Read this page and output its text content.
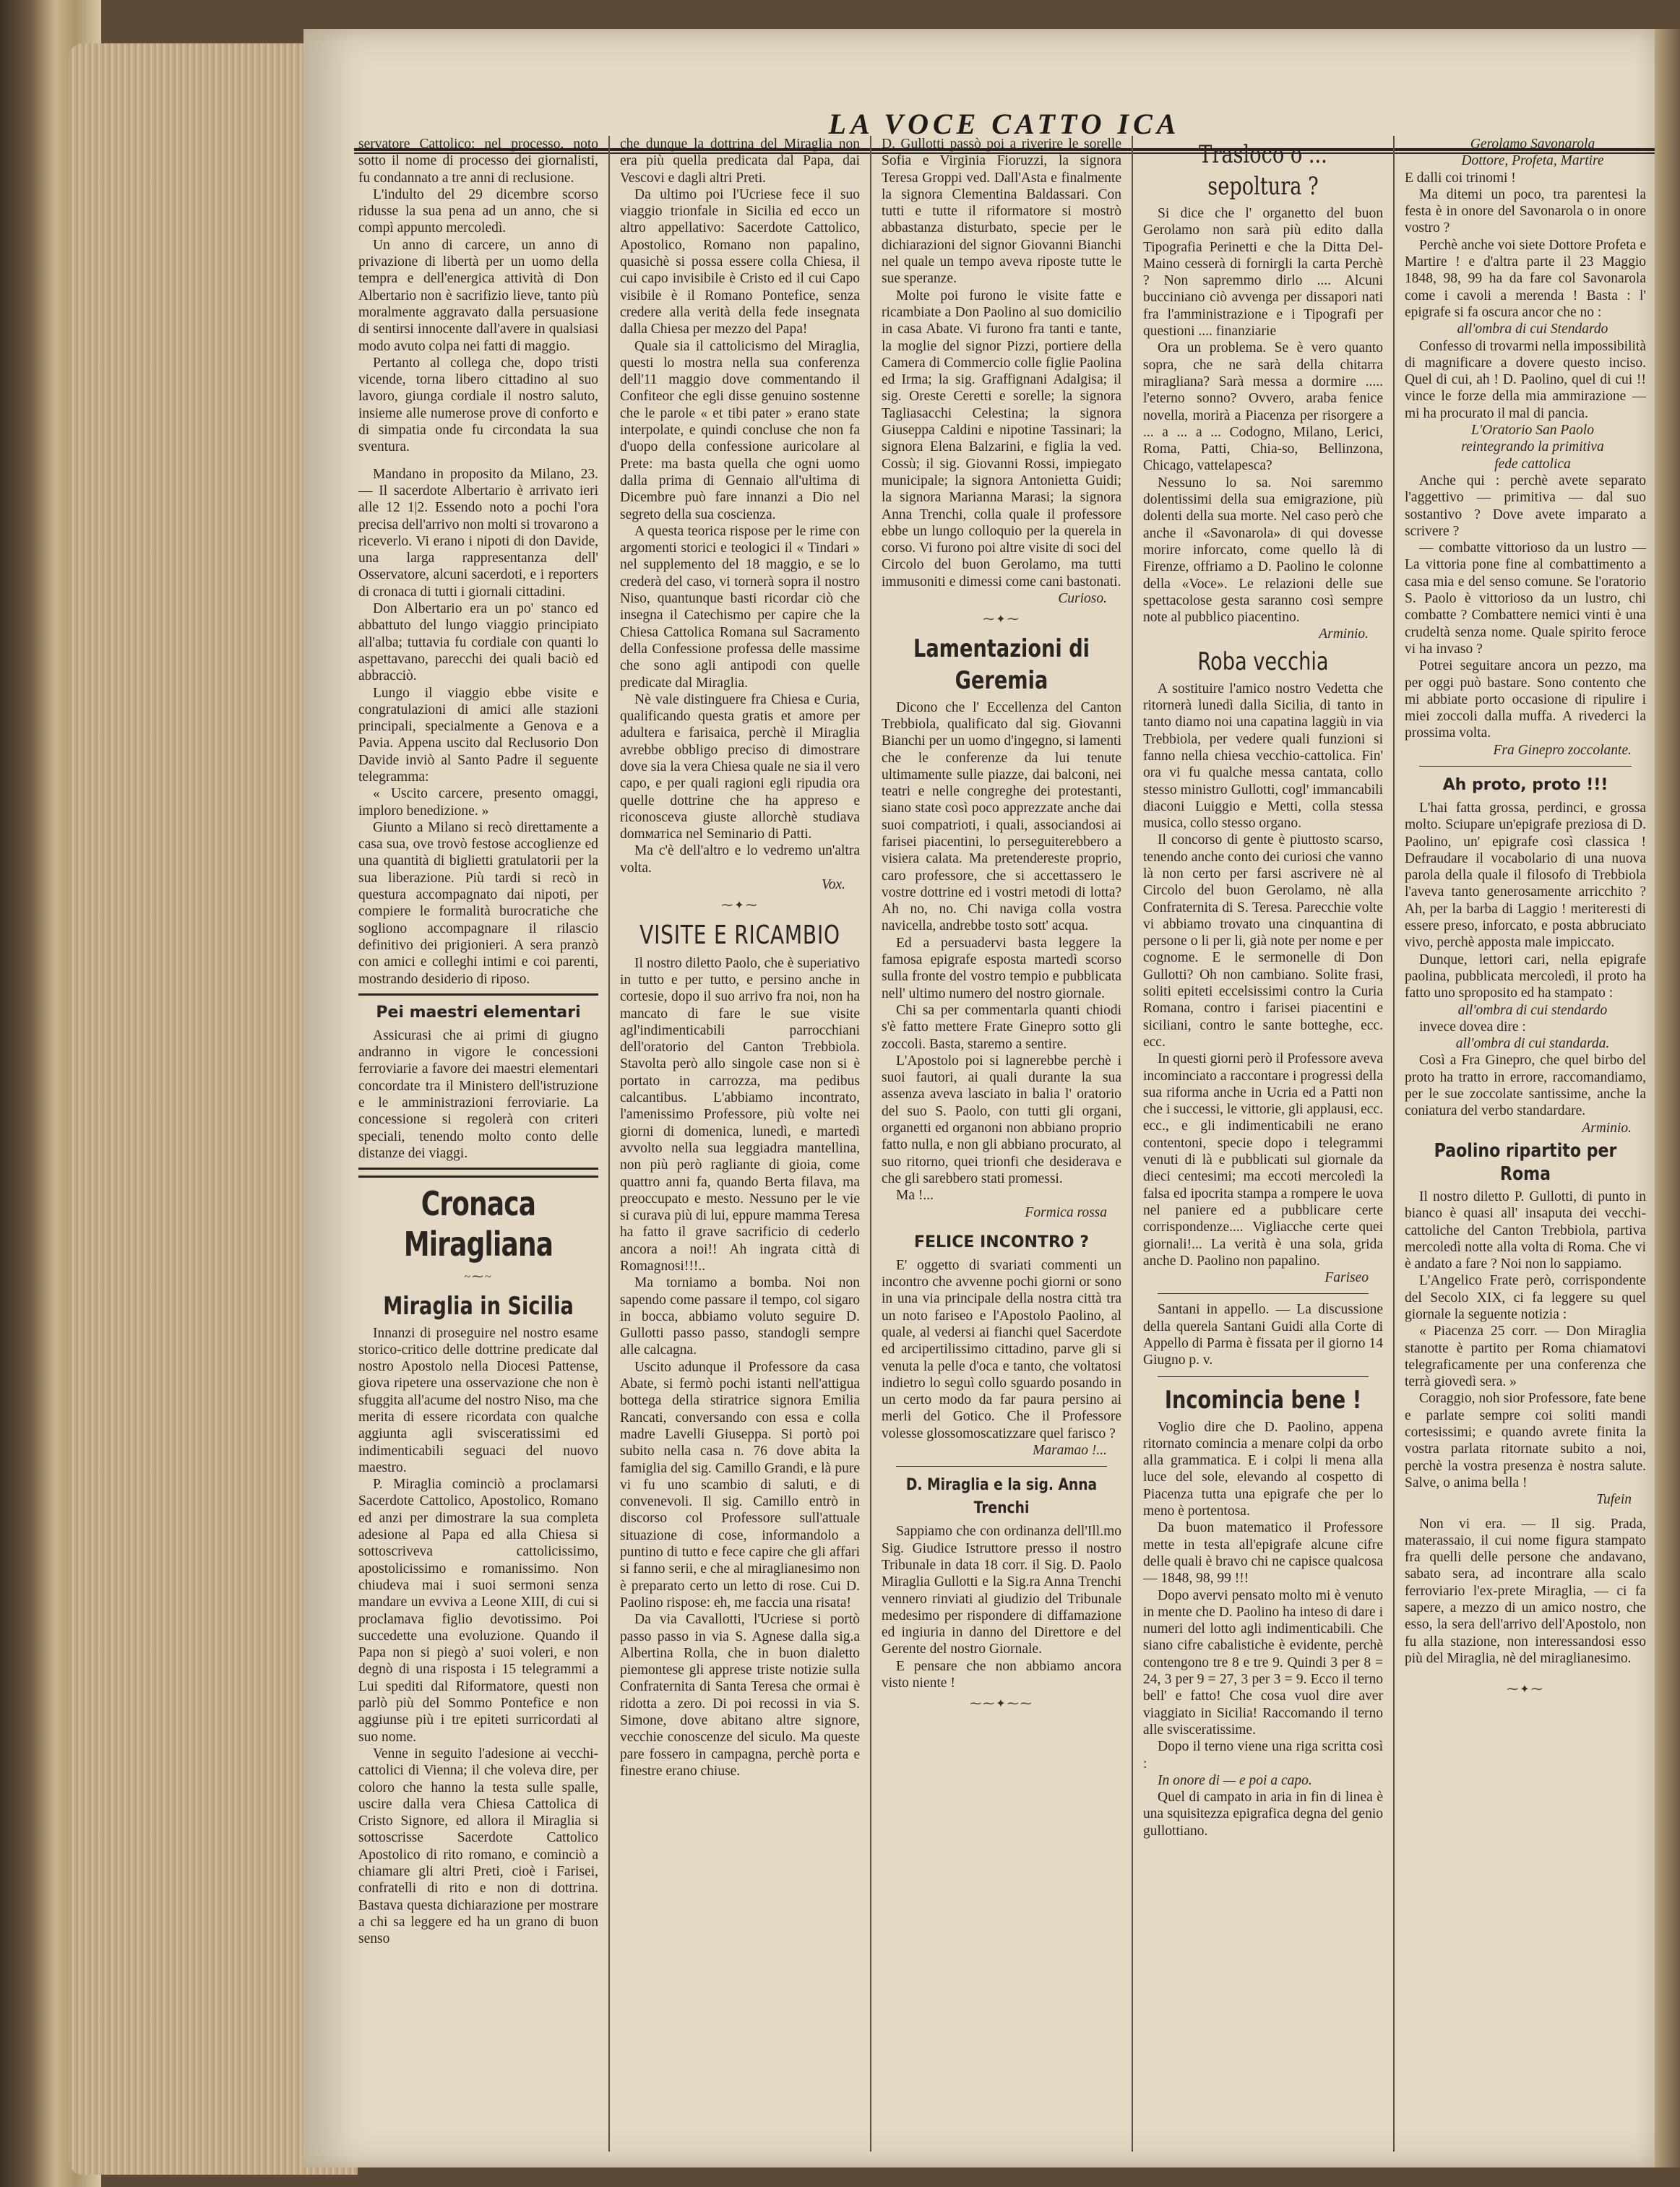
LA VOCE CATTO ICA

servatore Cattolico: nel processo, noto sotto il nome di processo dei giornalisti, fu condannato a tre anni di reclusione.

L'indulto del 29 dicembre scorso ridusse la sua pena ad un anno, che si compì appunto mercoledì.

Un anno di carcere, un anno di privazione di libertà per un uomo della tempra e dell'energica attività di Don Albertario non è sacrifizio lieve, tanto più moralmente aggravato dalla persuasione di sentirsi innocente dall'avere in qualsiasi modo avuto colpa nei fatti di maggio.

Pertanto al collega che, dopo tristi vicende, torna libero cittadino al suo lavoro, giunga cordiale il nostro saluto, insieme alle numerose prove di conforto e di simpatia onde fu circondata la sua sventura.

Mandano in proposito da Milano, 23. — Il sacerdote Albertario è arrivato ieri alle 12 1|2. Essendo noto a pochi l'ora precisa dell'arrivo non molti si trovarono a riceverlo. Vi erano i nipoti di don Davide, una larga rappresentanza dell' Osservatore, alcuni sacerdoti, e i reporters di cronaca di tutti i giornali cittadini.

Don Albertario era un po' stanco ed abbattuto del lungo viaggio principiato all'alba; tuttavia fu cordiale con quanti lo aspettavano, parecchi dei quali baciò ed abbracciò.

Lungo il viaggio ebbe visite e congratulazioni di amici alle stazioni principali, specialmente a Genova e a Pavia. Appena uscito dal Reclusorio Don Davide inviò al Santo Padre il seguente telegramma:

« Uscito carcere, presento omaggi, imploro benedizione. »

Giunto a Milano si recò direttamente a casa sua, ove trovò festose accoglienze ed una quantità di biglietti gratulatorii per la sua liberazione. Più tardi si recò in questura accompagnato dai nipoti, per compiere le formalità burocratiche che sogliono accompagnare il rilascio definitivo dei prigionieri. A sera pranzò con amici e colleghi intimi e coi parenti, mostrando desiderio di riposo.

Pei maestri elementari

Assicurasi che ai primi di giugno andranno in vigore le concessioni ferroviarie a favore dei maestri elementari concordate tra il Ministero dell'istruzione e le amministrazioni ferroviarie. La concessione si regolerà con criteri speciali, tenendo molto conto delle distanze dei viaggi.

Cronaca Miragliana
~⁓~
Miraglia in Sicilia

Innanzi di proseguire nel nostro esame storico-critico delle dottrine predicate dal nostro Apostolo nella Diocesi Pattense, giova ripetere una osservazione che non è sfuggita all'acume del nostro Niso, ma che merita di essere ricordata con qualche aggiunta agli svisceratissimi ed indimenticabili seguaci del nuovo maestro.

P. Miraglia cominciò a proclamarsi Sacerdote Cattolico, Apostolico, Romano ed anzi per dimostrare la sua completa adesione al Papa ed alla Chiesa si sottoscriveva cattolicissimo, apostolicissimo e romanissimo. Non chiudeva mai i suoi sermoni senza mandare un evviva a Leone XIII, di cui si proclamava figlio devotissimo. Poi succedette una evoluzione. Quando il Papa non si piegò a' suoi voleri, e non degnò di una risposta i 15 telegrammi a Lui spediti dal Riformatore, questi non parlò più del Sommo Pontefice e non aggiunse più i tre epiteti surricordati al suo nome.

Venne in seguito l'adesione ai vecchi-cattolici di Vienna; il che voleva dire, per coloro che hanno la testa sulle spalle, uscire dalla vera Chiesa Cattolica di Cristo Signore, ed allora il Miraglia si sottoscrisse Sacerdote Cattolico Apostolico di rito romano, e cominciò a chiamare gli altri Preti, cioè i Farisei, confratelli di rito e non di dottrina. Bastava questa dichiarazione per mostrare a chi sa leggere ed ha un grano di buon senso

che dunque la dottrina del Miraglia non era più quella predicata dal Papa, dai Vescovi e dagli altri Preti.

Da ultimo poi l'Ucriese fece il suo viaggio trionfale in Sicilia ed ecco un altro appellativo: Sacerdote Cattolico, Apostolico, Romano non papalino, quasichè si possa essere colla Chiesa, il cui capo invisibile è Cristo ed il cui Capo visibile è il Romano Pontefice, senza credere alla verità della fede insegnata dalla Chiesa per mezzo del Papa!

Quale sia il cattolicismo del Miraglia, questi lo mostra nella sua conferenza dell'11 maggio dove commentando il Confiteor che egli disse genuino sostenne che le parole « et tibi pater » erano state interpolate, e quindi concluse che non fa d'uopo della confessione auricolare al Prete: ma basta quella che ogni uomo dalla prima di Gennaio all'ultima di Dicembre può fare innanzi a Dio nel segreto della sua coscienza.

A questa teorica rispose per le rime con argomenti storici e teologici il « Tindari » nel supplemento del 18 maggio, e se lo crederà del caso, vi tornerà sopra il nostro Niso, quantunque basti ricordar ciò che insegna il Catechismo per capire che la Chiesa Cattolica Romana sul Sacramento della Confessione professa delle massime che sono agli antipodi con quelle predicate dal Miraglia.

Nè vale distinguere fra Chiesa e Curia, qualificando questa gratis et amore per adultera e farisaica, perchè il Miraglia avrebbe obbligo preciso di dimostrare dove sia la vera Chiesa quale ne sia il vero capo, e per quali ragioni egli ripudia ora quelle dottrine che ha appreso e riconosceva giuste allorchè studiava domматica nel Seminario di Patti.

Ma c'è dell'altro e lo vedremo un'altra volta.

Vox.
⁓✦⁓
VISITE E RICAMBIO

Il nostro diletto Paolo, che è superiativo in tutto e per tutto, e persino anche in cortesie, dopo il suo arrivo fra noi, non ha mancato di fare le sue visite agl'indimenticabili parrocchiani dell'oratorio del Canton Trebbiola. Stavolta però allo singole case non si è portato in carrozza, ma pedibus calcantibus. L'abbiamo incontrato, l'amenissimo Professore, più volte nei giorni di domenica, lunedì, e martedì avvolto nella sua leggiadra mantellina, non più però ragliante di gioia, come quattro anni fa, quando Berta filava, ma preoccupato e mesto. Nessuno per le vie si curava più di lui, eppure mamma Teresa ha fatto il grave sacrificio di cederlo ancora a noi!! Ah ingrata città di Romagnosi!!!..

Ma torniamo a bomba. Noi non sapendo come passare il tempo, col sigaro in bocca, abbiamo voluto seguire D. Gullotti passo passo, standogli sempre alle calcagna.

Uscito adunque il Professore da casa Abate, si fermò pochi istanti nell'attigua bottega della stiratrice signora Emilia Rancati, conversando con essa e colla madre Lavelli Giuseppa. Si portò poi subito nella casa n. 76 dove abita la famiglia del sig. Camillo Grandi, e là pure vi fu uno scambio di saluti, e di convenevoli. Il sig. Camillo entrò in discorso col Professore sull'attuale situazione di cose, informandolo a puntino di tutto e fece capire che gli affari si fanno serii, e che al miraglianesimo non è preparato certo un letto di rose. Cui D. Paolino rispose: eh, me faccia una risata!

Da via Cavallotti, l'Ucriese si portò passo passo in via S. Agnese dalla sig.a Albertina Rolla, che in buon dialetto piemontese gli apprese triste notizie sulla Confraternita di Santa Teresa che ormai è ridotta a zero. Di poi recossi in via S. Simone, dove abitano altre signore, vecchie conoscenze del siculo. Ma queste pare fossero in campagna, perchè porta e finestre erano chiuse.

D. Gullotti passò poi a riverire le sorelle Sofia e Virginia Fioruzzi, la signora Teresa Groppi ved. Dall'Asta e finalmente la signora Clementina Baldassari. Con tutti e tutte il riformatore si mostrò abbastanza disturbato, specie per le dichiarazioni del signor Giovanni Bianchi nel quale un tempo aveva riposte tutte le sue speranze.

Molte poi furono le visite fatte e ricambiate a Don Paolino al suo domicilio in casa Abate. Vi furono fra tanti e tante, la moglie del signor Pizzi, portiere della Camera di Commercio colle figlie Paolina ed Irma; la sig. Graffignani Adalgisa; il sig. Oreste Ceretti e sorelle; la signora Tagliasacchi Celestina; la signora Giuseppa Caldini e nipotine Tassinari; la signora Elena Balzarini, e figlia la ved. Cossù; il sig. Giovanni Rossi, impiegato municipale; la signora Antonietta Guidi; la signora Marianna Marasi; la signora Anna Trenchi, colla quale il professore ebbe un lungo colloquio per la querela in corso. Vi furono poi altre visite di soci del Circolo del buon Gerolamo, ma tutti immusoniti e dimessi come cani bastonati.

Curioso.
⁓✦⁓
Lamentazioni di Geremia

Dicono che l' Eccellenza del Canton Trebbiola, qualificato dal sig. Giovanni Bianchi per un uomo d'ingegno, si lamenti che le conferenze da lui tenute ultimamente sulle piazze, dai balconi, nei teatri e nelle congreghe dei protestanti, siano state così poco apprezzate anche dai suoi compatrioti, i quali, associandosi ai farisei piacentini, lo perseguiterebbero a visiera calata. Ma pretendereste proprio, caro professore, che si accettassero le vostre dottrine ed i vostri metodi di lotta? Ah no, no. Chi naviga colla vostra navicella, andrebbe tosto sott' acqua.

Ed a persuadervi basta leggere la famosa epigrafe esposta martedì scorso sulla fronte del vostro tempio e pubblicata nell' ultimo numero del nostro giornale.

Chi sa per commentarla quanti chiodi s'è fatto mettere Frate Ginepro sotto gli zoccoli. Basta, staremo a sentire.

L'Apostolo poi si lagnerebbe perchè i suoi fautori, ai quali durante la sua assenza aveva lasciato in balia l' oratorio del suo S. Paolo, con tutti gli organi, organetti ed organoni non abbiano proprio fatto nulla, e non gli abbiano procurato, al suo ritorno, quei trionfi che desiderava e che gli sarebbero stati promessi.

Ma !...

Formica rossa
FELICE INCONTRO ?

E' oggetto di svariati commenti un incontro che avvenne pochi giorni or sono in una via principale della nostra città tra un noto fariseo e l'Apostolo Paolino, al quale, al vedersi ai fianchi quel Sacerdote ed arcipertilissimo cittadino, parve gli si venuta la pelle d'oca e tanto, che voltatosi indietro lo seguì collo sguardo posando in un certo modo da far paura persino ai merli del Gotico. Che il Professore volesse glossomoscatizzare quel farisco ?

Maramao !...
D. Miraglia e la sig. Anna Trenchi

Sappiamo che con ordinanza dell'Ill.mo Sig. Giudice Istruttore presso il nostro Tribunale in data 18 corr. il Sig. D. Paolo Miraglia Gullotti e la Sig.ra Anna Trenchi vennero rinviati al giudizio del Tribunale medesimo per rispondere di diffamazione ed ingiuria in danno del Direttore e del Gerente del nostro Giornale.

E pensare che non abbiamo ancora visto niente !

⁓⁓✦⁓⁓
Trasloco o ... sepoltura ?

Si dice che l' organetto del buon Gerolamo non sarà più edito dalla Tipografia Perinetti e che la Ditta Del-Maino cesserà di fornirgli la carta Perchè ? Non sapremmo dirlo .... Alcuni bucciniano ciò avvenga per dissapori nati fra l'amministrazione e i Tipografi per questioni .... finanziarie

Ora un problema. Se è vero quanto sopra, che ne sarà della chitarra miragliana? Sarà messa a dormire ..... l'eterno sonno? Ovvero, araba fenice novella, morirà a Piacenza per risorgere a ... a ... a ... Codogno, Milano, Lerici, Roma, Patti, Chia-so, Bellinzona, Chicago, vattelapesca?

Nessuno lo sa. Noi saremmo dolentissimi della sua emigrazione, più dolenti della sua morte. Nel caso però che anche il «Savonarola» di qui dovesse morire inforcato, come quello là di Firenze, offriamo a D. Paolino le colonne della «Voce». Le relazioni delle sue spettacolose gesta saranno così sempre note al pubblico piacentino.

Arminio.
Roba vecchia

A sostituire l'amico nostro Vedetta che ritornerà lunedì dalla Sicilia, di tanto in tanto diamo noi una capatina laggiù in via Trebbiola, per vedere quali funzioni si fanno nella chiesa vecchio-cattolica. Fin' ora vi fu qualche messa cantata, collo stesso ministro Gullotti, cogl' immancabili diaconi Luiggio e Metti, colla stessa musica, collo stesso organo.

Il concorso di gente è piuttosto scarso, tenendo anche conto dei curiosi che vanno là non certo per farsi ascrivere nè al Circolo del buon Gerolamo, nè alla Confraternita di S. Teresa. Parecchie volte vi abbiamo trovato una cinquantina di persone o li per li, già note per nome e per cognome. E le sermonelle di Don Gullotti? Oh non cambiano. Solite frasi, soliti epiteti eccelsissimi contro la Curia Romana, contro i farisei piacentini e siciliani, contro le sante botteghe, ecc. ecc.

In questi giorni però il Professore aveva incominciato a raccontare i progressi della sua riforma anche in Ucria ed a Patti non che i successi, le vittorie, gli applausi, ecc. ecc., e gli indimenticabili ne erano contentoni, specie dopo i telegrammi venuti di là e pubblicati sul giornale da dieci centesimi; ma eccoti mercoledì la falsa ed ipocrita stampa a rompere le uova nel paniere ed a pubblicare certe corrispondenze.... Vigliacche certe quei giornali!... La verità è una sola, grida anche D. Paolino non papalino.

Fariseo

Santani in appello. — La discussione della querela Santani Guidi alla Corte di Appello di Parma è fissata per il giorno 14 Giugno p. v.

Incomincia bene !

Voglio dire che D. Paolino, appena ritornato comincia a menare colpi da orbo alla grammatica. E i colpi li mena alla luce del sole, elevando al cospetto di Piacenza tutta una epigrafe che per lo meno è portentosa.

Da buon matematico il Professore mette in testa all'epigrafe alcune cifre delle quali è bravo chi ne capisce qualcosa — 1848, 98, 99 !!!

Dopo avervi pensato molto mi è venuto in mente che D. Paolino ha inteso di dare i numeri del lotto agli indimenticabili. Che siano cifre cabalistiche è evidente, perchè contengono tre 8 e tre 9. Quindi 3 per 8 = 24, 3 per 9 = 27, 3 per 3 = 9. Ecco il terno bell' e fatto! Che cosa vuol dire aver viaggiato in Sicilia! Raccomando il terno alle svisceratissime.

Dopo il terno viene una riga scritta così :

In onore di — e poi a capo.

Quel di campato in aria in fin di linea è una squisitezza epigrafica degna del genio gullottiano.

Gerolamo Savonarola

Dottore, Profeta, Martire

E dalli coi trinomi !

Ma ditemi un poco, tra parentesi la festa è in onore del Savonarola o in onore vostro ?

Perchè anche voi siete Dottore Profeta e Martire ! e d'altra parte il 23 Maggio 1848, 98, 99 ha da fare col Savonarola come i cavoli a merenda ! Basta : l' epigrafe si fa oscura ancor che no :

all'ombra di cui Stendardo

Confesso di trovarmi nella impossibilità di magnificare a dovere questo inciso. Quel di cui, ah ! D. Paolino, quel di cui !! vince le forze della mia ammirazione — mi ha procurato il mal di pancia.

L'Oratorio San Paolo

reintegrando la primitiva

fede cattolica

Anche qui : perchè avete separato l'aggettivo — primitiva — dal suo sostantivo ? Dove avete imparato a scrivere ?

— combatte vittorioso da un lustro — La vittoria pone fine al combattimento a casa mia e del senso comune. Se l'oratorio S. Paolo è vittorioso da un lustro, chi combatte ? Combattere nemici vinti è una crudeltà senza nome. Quale spirito feroce vi ha invaso ?

Potrei seguitare ancora un pezzo, ma per oggi può bastare. Sono contento che mi abbiate porto occasione di ripulire i miei zoccoli dalla muffa. A rivederci la prossima volta.

Fra Ginepro zoccolante.
Ah proto, proto !!!

L'hai fatta grossa, perdinci, e grossa molto. Sciupare un'epigrafe preziosa di D. Paolino, un' epigrafe così classica ! Defraudare il vocabolario di una nuova parola della quale il filosofo di Trebbiola l'aveva tanto generosamente arricchito ? Ah, per la barba di Laggio ! meriteresti di essere preso, inforcato, e posta abbruciato vivo, perchè apposta male impiccato.

Dunque, lettori cari, nella epigrafe paolina, pubblicata mercoledì, il proto ha fatto uno sproposito ed ha stampato :

all'ombra di cui stendardo

invece dovea dire :

all'ombra di cui standarda.

Così a Fra Ginepro, che quel birbo del proto ha tratto in errore, raccomandiamo, per le sue zoccolate santissime, anche la coniatura del verbo standardare.

Arminio.
Paolino ripartito per Roma

Il nostro diletto P. Gullotti, di punto in bianco è quasi all' insaputa dei vecchi-cattoliche del Canton Trebbiola, partiva mercoledì notte alla volta di Roma. Che vi è andato a fare ? Noi non lo sappiamo.

L'Angelico Frate però, corrispondente del Secolo XIX, ci fa leggere su quel giornale la seguente notizia :

« Piacenza 25 corr. — Don Miraglia stanotte è partito per Roma chiamatovi telegraficamente per una conferenza che terrà giovedì sera. »

Coraggio, noh sior Professore, fate bene e parlate sempre coi soliti mandi cortesissimi; e quando avrete finita la vostra parlata ritornate subito a noi, perchè la vostra presenza è nostra salute. Salve, o anima bella !

Tufein

Non vi era. — Il sig. Prada, materassaio, il cui nome figura stampato fra quelli delle persone che andavano, sabato sera, ad incontrare alla scalo ferroviario l'ex-prete Miraglia, — ci fa sapere, a mezzo di un amico nostro, che esso, la sera dell'arrivo dell'Apostolo, non fu alla stazione, non interessandosi esso più del Miraglia, nè del miraglianesimo.

⁓✦⁓
